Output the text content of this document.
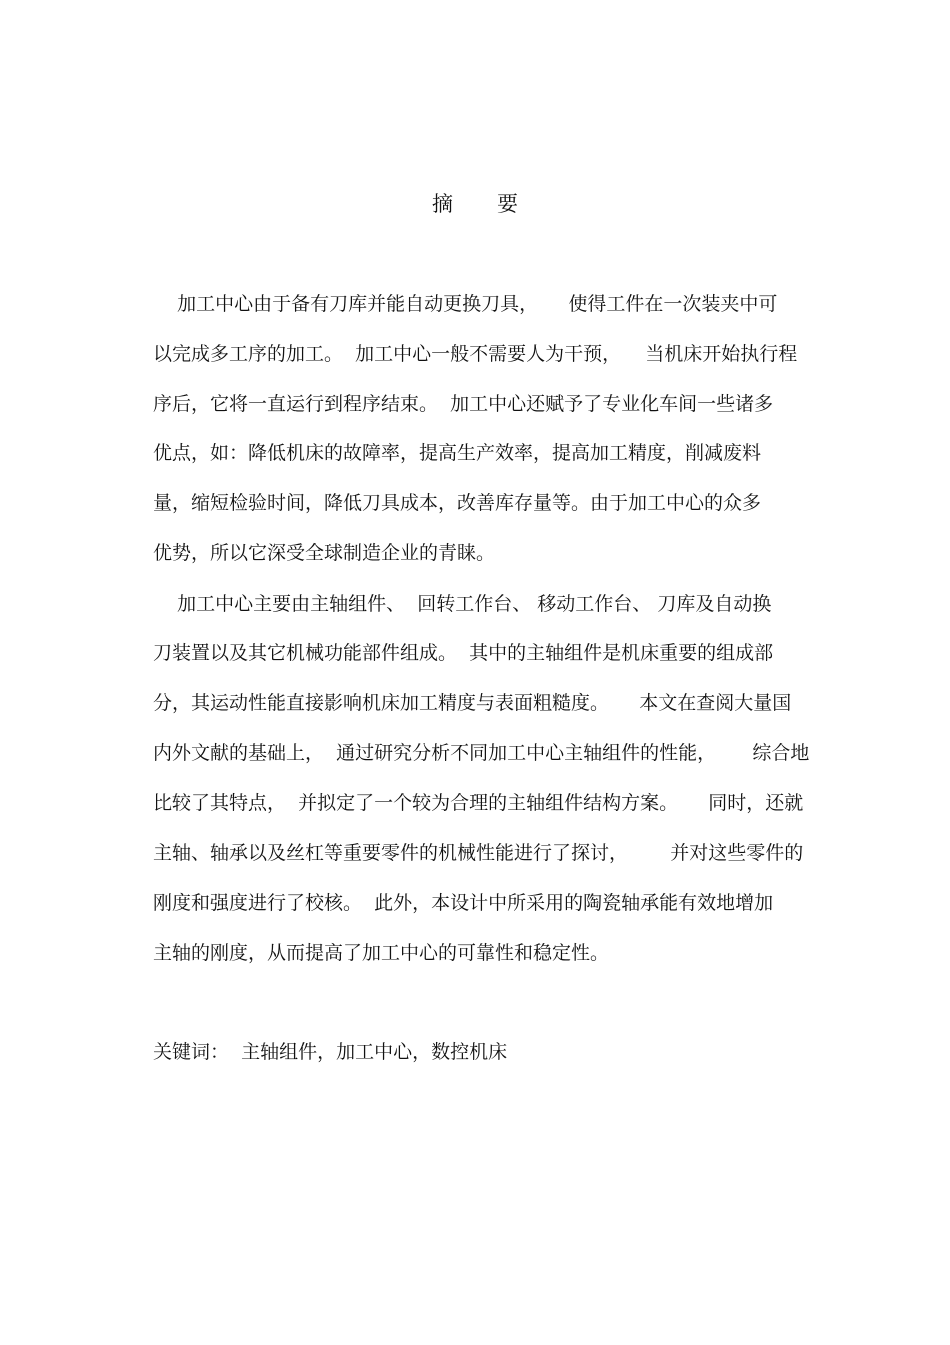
摘 要
加工中心由于备有刀库并能自动更换刀具，     使得工件在一次装夹中可
以完成多工序的加工。  加工中心一般不需要人为干预，    当机床开始执行程
序后，它将一直运行到程序结束。  加工中心还赋予了专业化车间一些诸多
优点，如：降低机床的故障率，提高生产效率，提高加工精度，削减废料
量，缩短检验时间，降低刀具成本，改善库存量等。由于加工中心的众多
优势，所以它深受全球制造企业的青睐。
加工中心主要由主轴组件、  回转工作台、 移动工作台、 刀库及自动换
刀装置以及其它机械功能部件组成。  其中的主轴组件是机床重要的组成部
分，其运动性能直接影响机床加工精度与表面粗糙度。     本文在查阅大量国
内外文献的基础上，  通过研究分析不同加工中心主轴组件的性能，      综合地
比较了其特点，  并拟定了一个较为合理的主轴组件结构方案。     同时，还就
主轴、轴承以及丝杠等重要零件的机械性能进行了探讨，       并对这些零件的
刚度和强度进行了校核。  此外，本设计中所采用的陶瓷轴承能有效地增加
主轴的刚度，从而提高了加工中心的可靠性和稳定性。
关键词：  主轴组件，加工中心，数控机床
